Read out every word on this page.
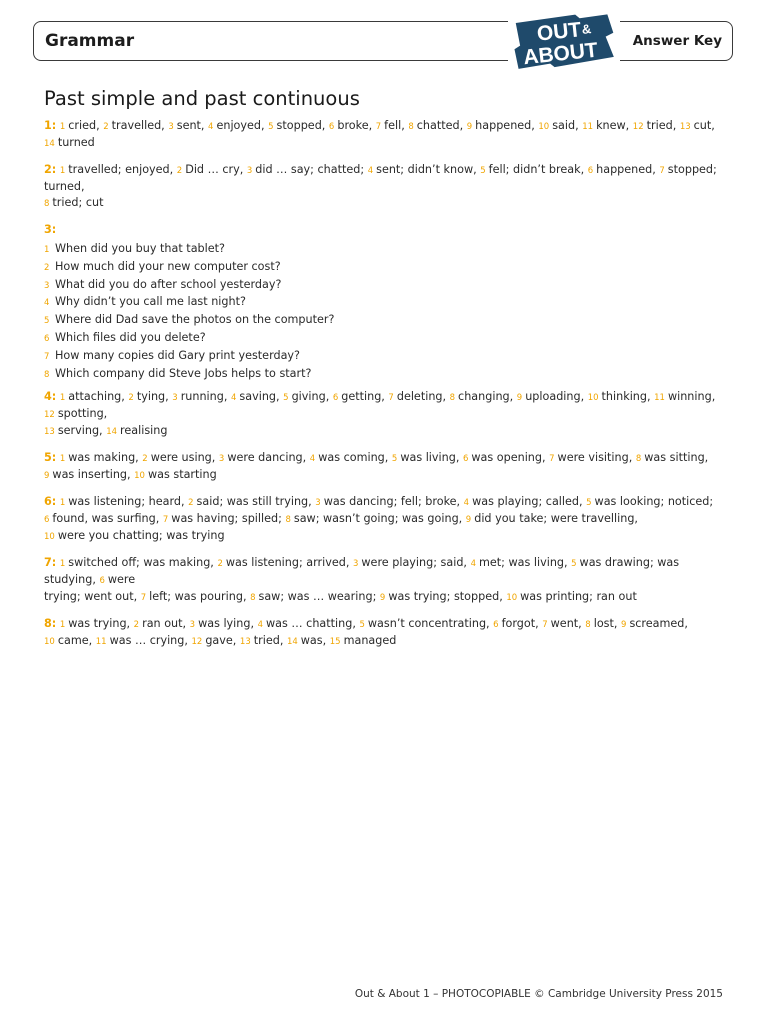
Grammar	Answer Key
OUT
&
ABOUT
Past simple and past continuous
1: 1 cried, 2 travelled, 3 sent, 4 enjoyed, 5 stopped, 6 broke, 7 fell, 8 chatted, 9 happened, 10 said, 11 knew, 12 tried, 13 cut, 14 turned
2: 1 travelled; enjoyed, 2 Did … cry, 3 did … say; chatted; 4 sent; didn’t know, 5 fell; didn’t break, 6 happened, 7 stopped; turned,
8 tried; cut
3:
1 When did you buy that tablet?
2 How much did your new computer cost?
3 What did you do after school yesterday?
4 Why didn’t you call me last night?
5 Where did Dad save the photos on the computer?
6 Which files did you delete?
7 How many copies did Gary print yesterday?
8 Which company did Steve Jobs helps to start?
4: 1 attaching, 2 tying, 3 running, 4 saving, 5 giving, 6 getting, 7 deleting, 8 changing, 9 uploading, 10 thinking, 11 winning, 12 spotting,
13 serving, 14 realising
5: 1 was making, 2 were using, 3 were dancing, 4 was coming, 5 was living, 6 was opening, 7 were visiting, 8 was sitting,
9 was inserting, 10 was starting
6: 1 was listening; heard, 2 said; was still trying, 3 was dancing; fell; broke, 4 was playing; called, 5 was looking; noticed;
6 found, was surfing, 7 was having; spilled; 8 saw; wasn’t going; was going, 9 did you take; were travelling,
10 were you chatting; was trying
7: 1 switched off; was making, 2 was listening; arrived, 3 were playing; said, 4 met; was living, 5 was drawing; was studying, 6 were
trying; went out, 7 left; was pouring, 8 saw; was … wearing; 9 was trying; stopped, 10 was printing; ran out
8: 1 was trying, 2 ran out, 3 was lying, 4 was … chatting, 5 wasn’t concentrating, 6 forgot, 7 went, 8 lost, 9 screamed,
10 came, 11 was … crying, 12 gave, 13 tried, 14 was, 15 managed
Out & About 1 – PHOTOCOPIABLE © Cambridge University Press 2015
